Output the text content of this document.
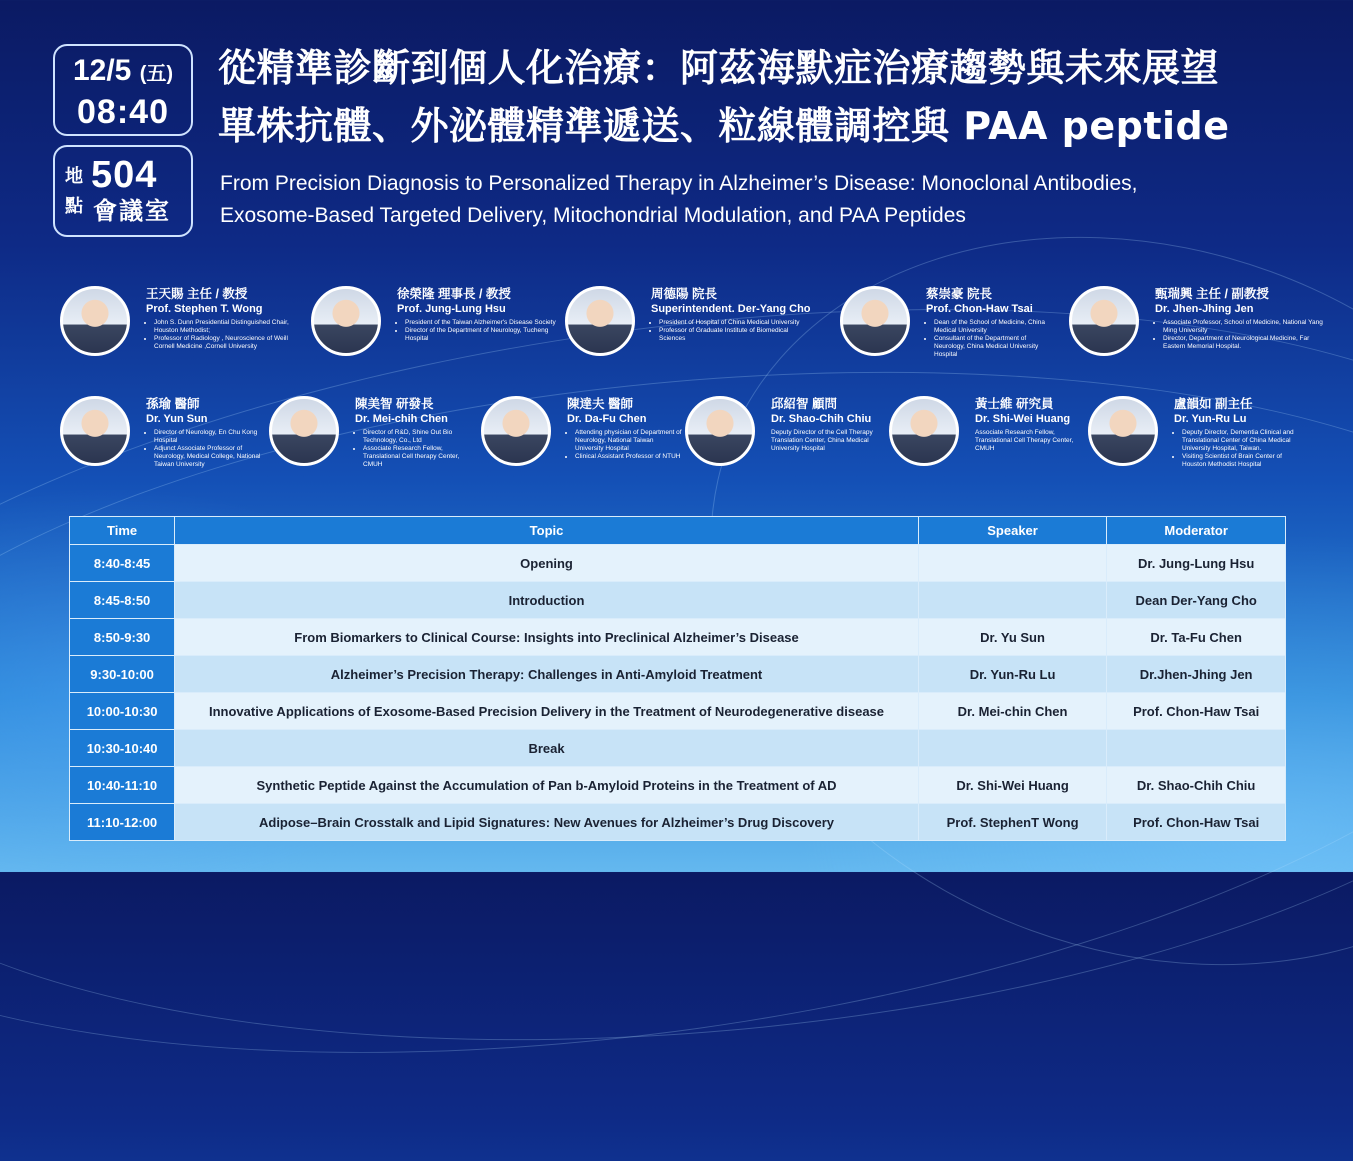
12/5 (五)
08:40
地
點
504
會議室
從精準診斷到個人化治療：阿茲海默症治療趨勢與未來展望
單株抗體、外泌體精準遞送、粒線體調控與 PAA peptide
From Precision Diagnosis to Personalized Therapy in Alzheimer’s Disease: Monoclonal Antibodies,
Exosome-Based Targeted Delivery, Mitochondrial Modulation, and PAA Peptides
王天賜 主任 / 教授
Prof. Stephen T. Wong
• John S. Dunn Presidential Distinguished Chair, Houston Methodist;
• Professor of Radiology , Neuroscience of Weill Cornell Medicine ,Cornell University
徐榮隆 理事長 / 教授
Prof. Jung-Lung Hsu
• President of the Taiwan Alzheimer's Disease Society
• Director of the Department of Neurology, Tucheng Hospital
周德陽 院長
Superintendent. Der-Yang Cho
• President of Hospital of China Medical University
• Professor of Graduate Institute of Biomedical Sciences
蔡崇豪 院長
Prof. Chon-Haw Tsai
• Dean of the School of Medicine, China Medical University
• Consultant of the Department of Neurology, China Medical University Hospital
甄瑞興 主任 / 副教授
Dr. Jhen-Jhing Jen
• Associate Professor, School of Medicine, National Yang Ming University
• Director, Department of Neurological Medicine, Far Eastern Memorial Hospital.
孫瑜 醫師
Dr. Yun Sun
• Director of Neurology, En Chu Kong Hospital
• Adjunct Associate Professor of Neurology, Medical College, National Taiwan University
陳美智 研發長
Dr. Mei-chih Chen
• Director of R&D, Shine Out Bio Technology, Co., Ltd
• Associate Research Fellow, Translational Cell therapy Center, CMUH
陳達夫 醫師
Dr. Da-Fu Chen
• Attending physician of Department of Neurology, National Taiwan University Hospital
• Clinical Assistant Professor of NTUH
邱紹智 顧問
Dr. Shao-Chih Chiu
Deputy Director of the Cell Therapy Translation Center, China Medical University Hospital
黃士維 研究員
Dr. Shi-Wei Huang
Associate Research Fellow, Translational Cell Therapy Center, CMUH
盧韻如 副主任
Dr. Yun-Ru Lu
• Deputy Director, Dementia Clinical and Translational Center of China Medical University Hospital, Taiwan.
• Visiting Scientist of Brain Center of Houston Methodist Hospital
Time	Topic	Speaker	Moderator
8:40-8:45	Opening		Dr. Jung-Lung Hsu
8:45-8:50	Introduction		Dean Der-Yang Cho
8:50-9:30	From Biomarkers to Clinical Course: Insights into Preclinical Alzheimer’s Disease	Dr. Yu Sun	Dr. Ta-Fu Chen
9:30-10:00	Alzheimer’s Precision Therapy: Challenges in Anti-Amyloid Treatment	Dr. Yun-Ru Lu	Dr.Jhen-Jhing Jen
10:00-10:30	Innovative Applications of Exosome-Based Precision Delivery in the Treatment of Neurodegenerative disease	Dr. Mei-chin Chen	Prof. Chon-Haw Tsai
10:30-10:40	Break		
10:40-11:10	Synthetic Peptide Against the Accumulation of Pan b-Amyloid Proteins in the Treatment of AD	Dr. Shi-Wei Huang	Dr. Shao-Chih Chiu
11:10-12:00	Adipose–Brain Crosstalk and Lipid Signatures: New Avenues for Alzheimer’s Drug Discovery	Prof. StephenT Wong	Prof. Chon-Haw Tsai
